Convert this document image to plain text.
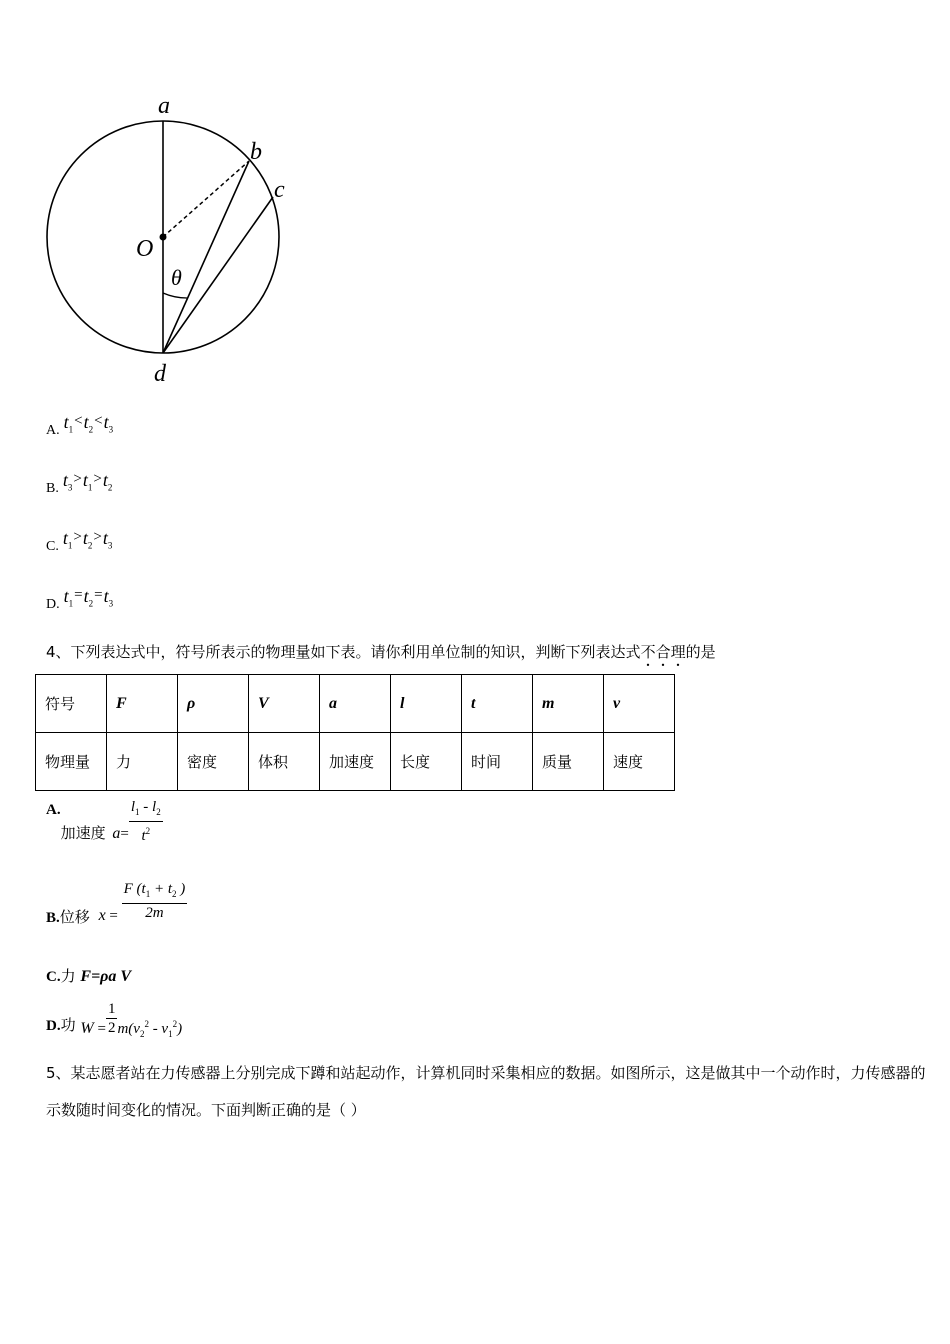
a
b
c
O
θ
d
A. $t_1<t_2<t_3$
B. $t_3>t_1>t_2$
C. $t_1>t_2>t_3$
D. $t_1=t_2=t_3$
4、下列表达式中，符号所表示的物理量如下表。请你利用单位制的知识，判断下列表达式不合理的是
符号	F	ρ	V	a	l	t	m	v
物理量	力	密度	体积	加速度	长度	时间	质量	速度
A.加速度 $a= \frac{l_1 - l_2}{t^2}$
B.位移 $x = \frac{F (t_1 + t_2 )}{2m}$
C.力 F=ρa V
D.功 $W = \frac{1}{2} m(v_2^2 - v_1^2)$
5、某志愿者站在力传感器上分别完成下蹲和站起动作，计算机同时采集相应的数据。如图所示，这是做其中一个动作时，力传感器的示数随时间变化的情况。下面判断正确的是（ ）
